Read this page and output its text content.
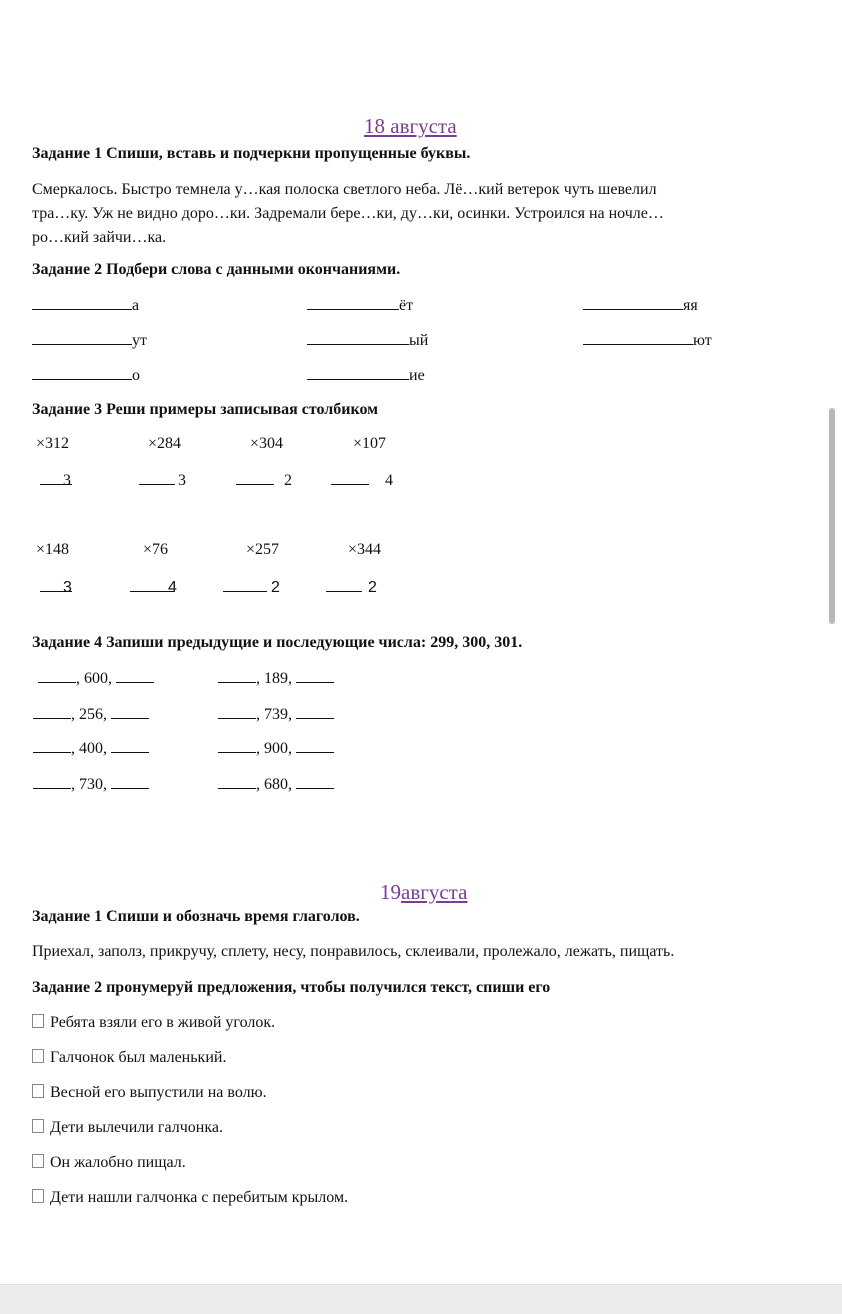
18 августа
Задание 1 Спиши, вставь и подчеркни пропущенные буквы.
Смеркалось. Быстро темнела у…кая полоска светлого неба. Лё…кий ветерок чуть шевелил
тра…ку. Уж не видно доро…ки. Задремали бере…ки, ду…ки, осинки. Устроился на ночле…
ро…кий зайчи…ка.
Задание 2 Подбери слова с данными окончаниями.
а	ёт	яя
ут	ый	ют
о	ие
Задание 3 Реши примеры записывая столбиком
×312	×284	×304	×107
3	3	2	4
×148	×76	×257	×344
3	4	2	2
Задание 4 Запиши предыдущие и последующие числа: 299, 300, 301.
, 600,	, 189,
, 256,	, 739,
, 400,	, 900,
, 730,	, 680,
19августа
Задание 1 Спиши и обозначь время глаголов.
Приехал, заполз, прикручу, сплету, несу, понравилось, склеивали, пролежало, лежать, пищать.
Задание 2 пронумеруй предложения, чтобы получился текст, спиши его
Ребята взяли его в живой уголок.
Галчонок был маленький.
Весной его выпустили на волю.
Дети вылечили галчонка.
Он жалобно пищал.
Дети нашли галчонка с перебитым крылом.
